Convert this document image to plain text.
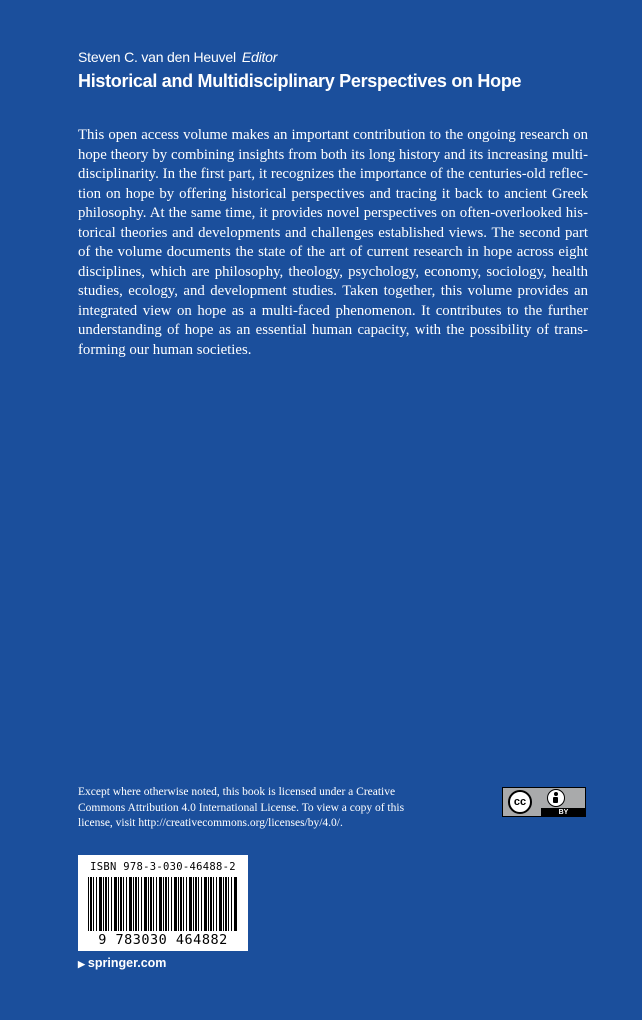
Steven C. van den Heuvel Editor
Historical and Multidisciplinary Perspectives on Hope
This open access volume makes an important contribution to the ongoing research on hope theory by combining insights from both its long history and its increasing multidisciplinarity. In the first part, it recognizes the importance of the centuries-old reflection on hope by offering historical perspectives and tracing it back to ancient Greek philosophy. At the same time, it provides novel perspectives on often-overlooked historical theories and developments and challenges established views. The second part of the volume documents the state of the art of current research in hope across eight disciplines, which are philosophy, theology, psychology, economy, sociology, health studies, ecology, and development studies. Taken together, this volume provides an integrated view on hope as a multi-faced phenomenon. It contributes to the further understanding of hope as an essential human capacity, with the possibility of transforming our human societies.
Except where otherwise noted, this book is licensed under a Creative Commons Attribution 4.0 International License. To view a copy of this license, visit http://creativecommons.org/licenses/by/4.0/.
BY
cc
ISBN 978-3-030-46488-2
9 783030 464882
▶ springer.com
